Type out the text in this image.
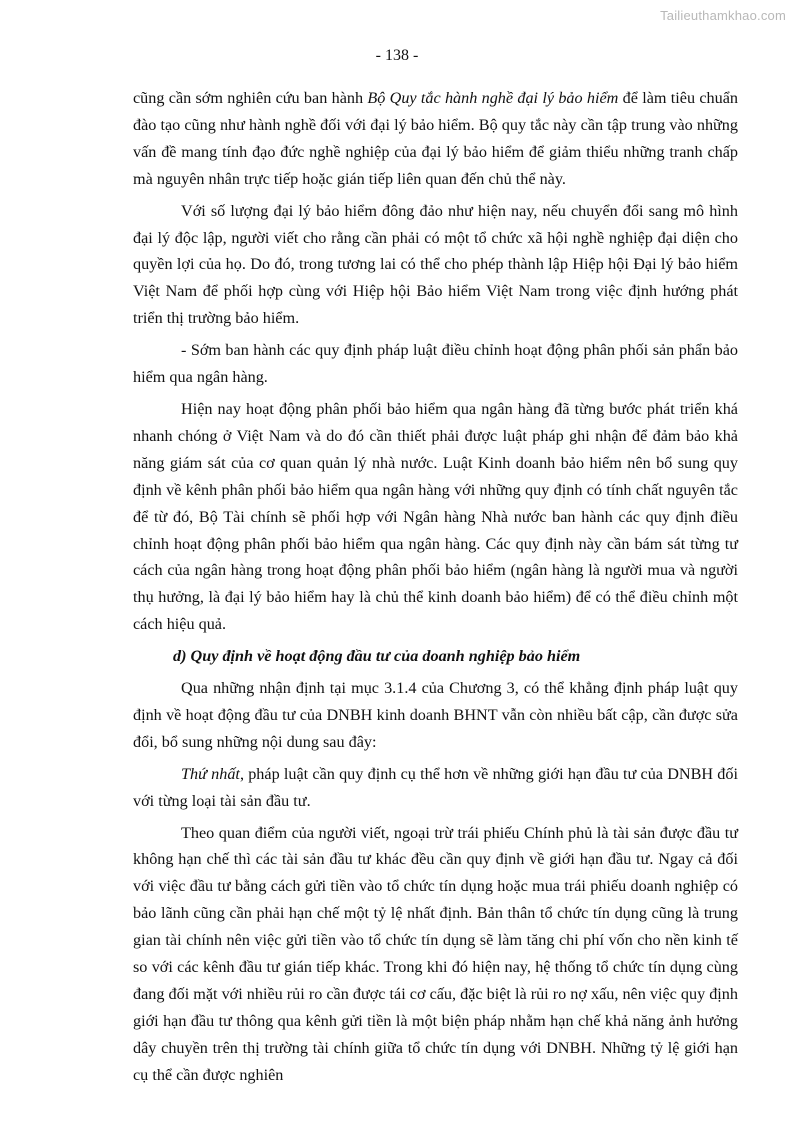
Tailieuthamkhao.com
- 138 -

cũng cần sớm nghiên cứu ban hành Bộ Quy tắc hành nghề đại lý bảo hiểm để làm tiêu chuẩn đào tạo cũng như hành nghề đối với đại lý bảo hiểm. Bộ quy tắc này cần tập trung vào những vấn đề mang tính đạo đức nghề nghiệp của đại lý bảo hiểm để giảm thiểu những tranh chấp mà nguyên nhân trực tiếp hoặc gián tiếp liên quan đến chủ thể này.

Với số lượng đại lý bảo hiểm đông đảo như hiện nay, nếu chuyển đổi sang mô hình đại lý độc lập, người viết cho rằng cần phải có một tổ chức xã hội nghề nghiệp đại diện cho quyền lợi của họ. Do đó, trong tương lai có thể cho phép thành lập Hiệp hội Đại lý bảo hiểm Việt Nam để phối hợp cùng với Hiệp hội Bảo hiểm Việt Nam trong việc định hướng phát triển thị trường bảo hiểm.

- Sớm ban hành các quy định pháp luật điều chỉnh hoạt động phân phối sản phẩn bảo hiểm qua ngân hàng.

Hiện nay hoạt động phân phối bảo hiểm qua ngân hàng đã từng bước phát triển khá nhanh chóng ở Việt Nam và do đó cần thiết phải được luật pháp ghi nhận để đảm bảo khả năng giám sát của cơ quan quản lý nhà nước. Luật Kinh doanh bảo hiểm nên bổ sung quy định về kênh phân phối bảo hiểm qua ngân hàng với những quy định có tính chất nguyên tắc để từ đó, Bộ Tài chính sẽ phối hợp với Ngân hàng Nhà nước ban hành các quy định điều chỉnh hoạt động phân phối bảo hiểm qua ngân hàng. Các quy định này cần bám sát từng tư cách của ngân hàng trong hoạt động phân phối bảo hiểm (ngân hàng là người mua và người thụ hưởng, là đại lý bảo hiểm hay là chủ thể kinh doanh bảo hiểm) để có thể điều chỉnh một cách hiệu quả.

d) Quy định về hoạt động đầu tư của doanh nghiệp bảo hiểm

Qua những nhận định tại mục 3.1.4 của Chương 3, có thể khẳng định pháp luật quy định về hoạt động đầu tư của DNBH kinh doanh BHNT vẫn còn nhiều bất cập, cần được sửa đổi, bổ sung những nội dung sau đây:

Thứ nhất, pháp luật cần quy định cụ thể hơn về những giới hạn đầu tư của DNBH đối với từng loại tài sản đầu tư.

Theo quan điểm của người viết, ngoại trừ trái phiếu Chính phủ là tài sản được đầu tư không hạn chế thì các tài sản đầu tư khác đều cần quy định về giới hạn đầu tư. Ngay cả đối với việc đầu tư bằng cách gửi tiền vào tổ chức tín dụng hoặc mua trái phiếu doanh nghiệp có bảo lãnh cũng cần phải hạn chế một tỷ lệ nhất định. Bản thân tổ chức tín dụng cũng là trung gian tài chính nên việc gửi tiền vào tổ chức tín dụng sẽ làm tăng chi phí vốn cho nền kinh tế so với các kênh đầu tư gián tiếp khác. Trong khi đó hiện nay, hệ thống tổ chức tín dụng cùng đang đối mặt với nhiều rủi ro cần được tái cơ cấu, đặc biệt là rủi ro nợ xấu, nên việc quy định giới hạn đầu tư thông qua kênh gửi tiền là một biện pháp nhằm hạn chế khả năng ảnh hưởng dây chuyền trên thị trường tài chính giữa tổ chức tín dụng với DNBH. Những tỷ lệ giới hạn cụ thể cần được nghiên
